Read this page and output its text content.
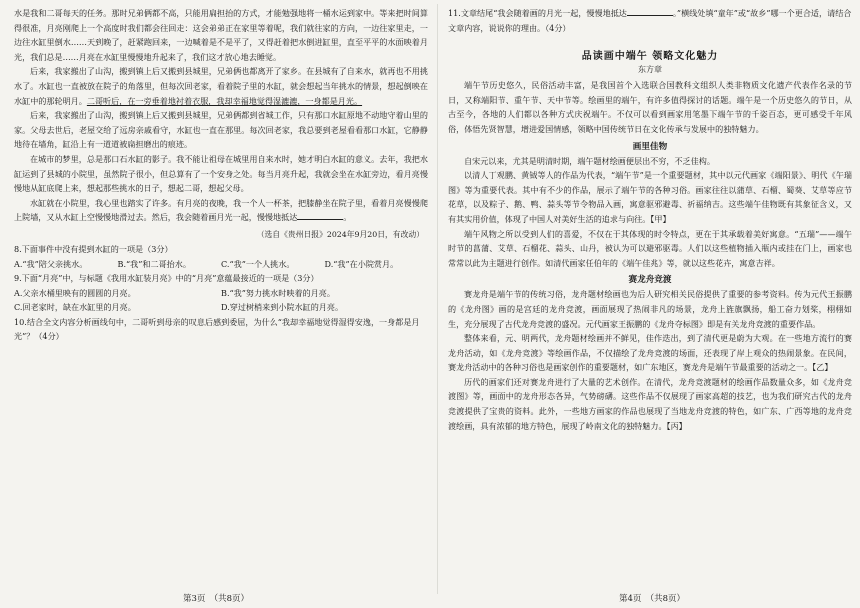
水是我和二哥每天的任务。那时兄弟俩都不高，只能用扁担抬的方式，才能勉强地将一桶水运到家中。等来把时间算得很准，月亮刚爬上一个高度时我们都会往回走：这会弟弟正在家里等着呢，我们就往家的方向，一边往家里走，一边往水缸里倒水……天到晚了，赶紧跑回来，一边喊着是不是平了，又得赶着把水倒进缸里，直至平平的水面映着月光，我们总是……月亮在水缸里慢慢地升起来了，我们这才放心地去睡觉。

后来，我家搬出了山沟，搬到镇上后又搬到县城里，兄弟俩也都离开了家乡。在县城有了自来水，就再也不用挑水了。水缸也一直被放在院子的角落里，但每次回老家，看着院子里的水缸，就会想起当年挑水的情景，想起倒映在水缸中的那轮明月。二哥听后，在一旁垂着地衬着衣服，我却幸福地觉得湿漉漉，一身都是月光。

后来，我家搬出了山沟，搬到镇上后又搬到县城里，兄弟俩都到省城工作，只有那口水缸原地不动地守着山里的家。父母去世后，老屋交给了远房亲戚看守，水缸也一直在那里。每次回老家，我总要到老屋看看那口水缸，它静静地待在墙角，缸沿上有一道道被扁担磨出的痕迹。

在城市的梦里，总是那口石水缸的影子。我不能让祖母在城里用自来水时，她才明白水缸的意义。去年，我把水缸运到了县城的小院里，虽然院子很小，但总算有了一个安身之处。每当月亮升起，我就会坐在水缸旁边，看月亮慢慢地从缸底爬上来，想起那些挑水的日子，想起二哥，想起父母。

水缸就在小院里，我心里也踏实了许多。有月亮的夜晚，我一个人一杯茶，把膝静坐在院子里，看着月亮慢慢爬上院墙，又从水缸上空慢慢地滑过去。然后，我会随着画月光一起，慢慢地抵达	。

（选自《贵州日报》2024年9月20日，有改动）
8.下面事件中没有提到水缸的一项是（3分）
A.“我”陪父亲挑水。	B.“我”和二哥抬水。	C.“我”一个人挑水。	D.“我”在小院赏月。
9.下面“月亮”中，与标题《我用水缸装月亮》中的“月亮”意蕴最接近的一项是（3分）
A.父亲水桶里映有的圆圆的月亮。	B.“我”努力挑水时映着的月亮。
C.回老家时，缺在水缸里的月亮。	D.穿过树梢来到小院水缸的月亮。
10.结合全文内容分析画线句中，二哥听到母亲的叹息后感到委屈，为什么“我却幸福地觉得湿得安逸，一身都是月光”？（4分）
11.文章结尾“我会随着画的月光一起，慢慢地抵达	。”横线处填“童年”或“故乡”哪一个更合适，请结合文章内容，说说你的理由。（4分）
品读画中端午 领略文化魅力
东方章

端午节历史悠久，民俗活动丰富，是我国首个入选联合国教科文组织人类非物质文化遗产代表作名录的节日，又称端阳节、重午节、天中节等。绘画里的端午，有许多值得探讨的话题。端午是一个历史悠久的节日，从古至今，各地的人们都以各种方式庆祝端午。不仅可以看到画家用笔墨下端午节的千姿百态，更可感受千年风俗，体悟先贤智慧，增进爱国情感，领略中国传统节日在文化传承与发展中的独特魅力。

画里佳物

自宋元以来，尤其是明清时期，端午题材绘画便层出不穷，不乏佳构。

以清人丁观鹏、黄钺等人的作品为代表，“端午节”是一个重要题材，其中以元代画家《端阳景》、明代《午瑞图》等为重要代表。其中有不少的作品，展示了端午节的各种习俗。画家往往以蒲草、石榴、蜀葵、艾草等应节花草，以及粽子、鹅、鸭、蒜头等节令物品入画，寓意驱邪避毒、祈福纳吉。这些端午佳物既有其象征含义，又有其实用价值，体现了中国人对美好生活的追求与向往。【甲】

端午风物之所以受到人们的喜爱，不仅在于其体现的时令特点，更在于其承载着美好寓意。“五瑞”——端午时节的菖蒲、艾草、石榴花、蒜头、山丹，被认为可以避邪驱毒。人们以这些植物插入瓶内或挂在门上，画家也常常以此为主题进行创作。如清代画家任伯年的《端午佳兆》等，就以这些花卉，寓意吉祥。

赛龙舟竞渡

赛龙舟是端午节的传统习俗，龙舟题材绘画也为后人研究相关民俗提供了重要的参考资料。传为元代王振鹏的《龙舟图》画的是宫廷的龙舟竞渡，画面展现了热闹非凡的场景，龙舟上旌旗飘扬，船工奋力划桨，栩栩如生，充分展现了古代龙舟竞渡的盛况。元代画家王振鹏的《龙舟夺标图》即是有关龙舟竞渡的重要作品。

整体来看，元、明两代，龙舟题材绘画并不鲜见，佳作迭出，到了清代更是蔚为大观。在一些地方流行的赛龙舟活动，如《龙舟竞渡》等绘画作品，不仅描绘了龙舟竞渡的场面，还表现了岸上观众的热闹景象。在民间，赛龙舟活动中的各种习俗也是画家创作的重要题材，如广东地区，赛龙舟是端午节最重要的活动之一。【乙】

历代的画家们还对赛龙舟进行了大量的艺术创作。在清代，龙舟竞渡题材的绘画作品数量众多，如《龙舟竞渡图》等，画面中的龙舟形态各异，气势磅礴。这些作品不仅展现了画家高超的技艺，也为我们研究古代的龙舟竞渡提供了宝贵的资料。此外，一些地方画家的作品也展现了当地龙舟竞渡的特色，如广东、广西等地的龙舟竞渡绘画，具有浓郁的地方特色，展现了岭南文化的独特魅力。【丙】

第3页　（共8页）	第4页　（共8页）
